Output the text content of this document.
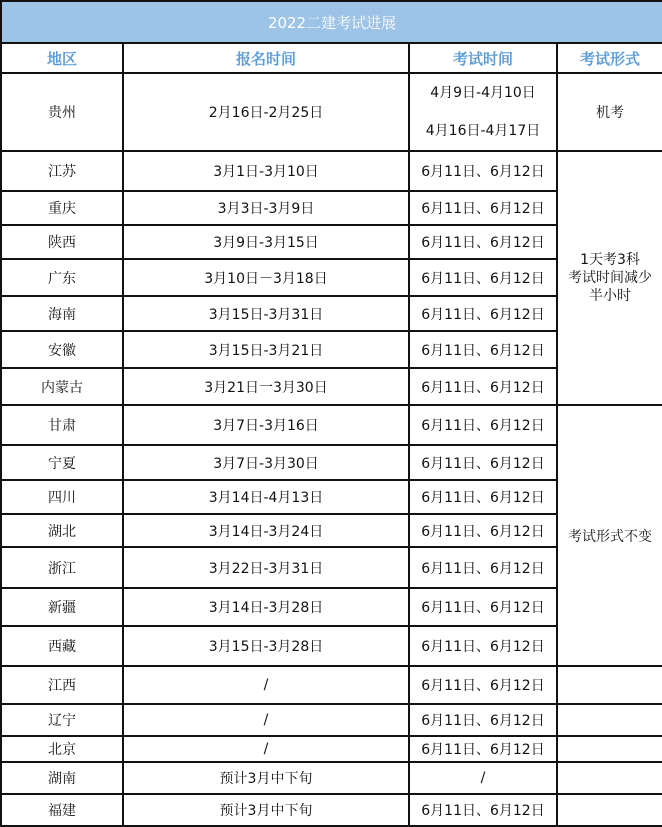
2022二建考试进展			
地区	报名时间	考试时间	考试形式
贵州	2月16日-2月25日	4月9日-4月10日
4月16日-4月17日	机考
江苏	3月1日-3月10日	6月11日、6月12日	1天考3科
考试时间减少
半小时

重庆	3月3日-3月9日	6月11日、6月12日	

陕西	3月9日-3月15日	6月11日、6月12日	

广东	3月10日－3月18日	6月11日、6月12日	

海南	3月15日-3月31日	6月11日、6月12日	

安徽	3月15日-3月21日	6月11日、6月12日	

内蒙古	3月21日一3月30日	6月11日、6月12日	

甘肃	3月7日-3月16日	6月11日、6月12日	考试形式不变
宁夏	3月7日-3月30日	6月11日、6月12日	

四川	3月14日-4月13日	6月11日、6月12日	

湖北	3月14日-3月24日	6月11日、6月12日	

浙江	3月22日-3月31日	6月11日、6月12日	

新疆	3月14日-3月28日	6月11日、6月12日	

西藏	3月15日-3月28日	6月11日、6月12日	

江西	/	6月11日、6月12日	

辽宁	/	6月11日、6月12日	

北京	/	6月11日、6月12日	

湖南	预计3月中下旬	/	

福建	预计3月中下旬	6月11日、6月12日	
